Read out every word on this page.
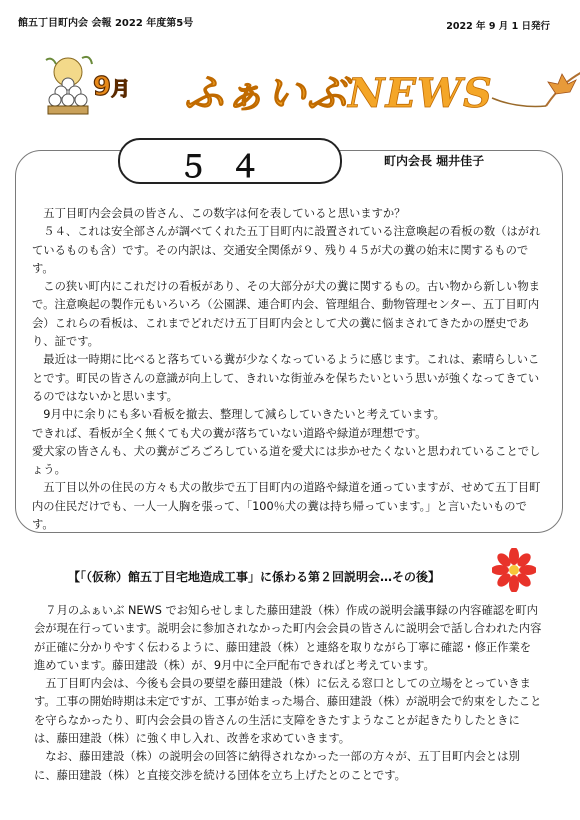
館五丁目町内会 会報 2022 年度第5号	2022 年 9 月 1 日発行
9月 ふぁいぶNEWS
５４	町内会長 堀井佳子

五丁目町内会会員の皆さん、この数字は何を表していると思いますか？

５４、これは安全部さんが調べてくれた五丁目町内に設置されている注意喚起の看板の数（はがれているものも含）です。その内訳は、交通安全関係が９、残り４５が犬の糞の始末に関するものです。

この狭い町内にこれだけの看板があり、その大部分が犬の糞に関するもの。古い物から新しい物まで。注意喚起の製作元もいろいろ（公園課、連合町内会、管理組合、動物管理センター、五丁目町内会）これらの看板は、これまでどれだけ五丁目町内会として犬の糞に悩まされてきたかの歴史であり、証です。

最近は一時期に比べると落ちている糞が少なくなっているように感じます。これは、素晴らしいことです。町民の皆さんの意識が向上して、きれいな街並みを保ちたいという思いが強くなってきているのではないかと思います。

9月中に余りにも多い看板を撤去、整理して減らしていきたいと考えています。

できれば、看板が全く無くても犬の糞が落ちていない道路や緑道が理想です。

愛犬家の皆さんも、犬の糞がごろごろしている道を愛犬には歩かせたくないと思われていることでしょう。

五丁目以外の住民の方々も犬の散歩で五丁目町内の道路や緑道を通っていますが、せめて五丁目町内の住民だけでも、一人一人胸を張って、「100％犬の糞は持ち帰っています。」と言いたいものです。

【「（仮称）館五丁目宅地造成工事」に係わる第２回説明会…その後】

７月のふぁいぶ NEWS でお知らせしました藤田建設（株）作成の説明会議事録の内容確認を町内会が現在行っています。説明会に参加されなかった町内会会員の皆さんに説明会で話し合われた内容が正確に分かりやすく伝わるように、藤田建設（株）と連絡を取りながら丁寧に確認・修正作業を進めています。藤田建設（株）が、9月中に全戸配布できればと考えています。

五丁目町内会は、今後も会員の要望を藤田建設（株）に伝える窓口としての立場をとっていきます。工事の開始時期は未定ですが、工事が始まった場合、藤田建設（株）が説明会で約束をしたことを守らなかったり、町内会会員の皆さんの生活に支障をきたすようなことが起きたりしたときには、藤田建設（株）に強く申し入れ、改善を求めていきます。

なお、藤田建設（株）の説明会の回答に納得されなかった一部の方々が、五丁目町内会とは別に、藤田建設（株）と直接交渉を続ける団体を立ち上げたとのことです。
